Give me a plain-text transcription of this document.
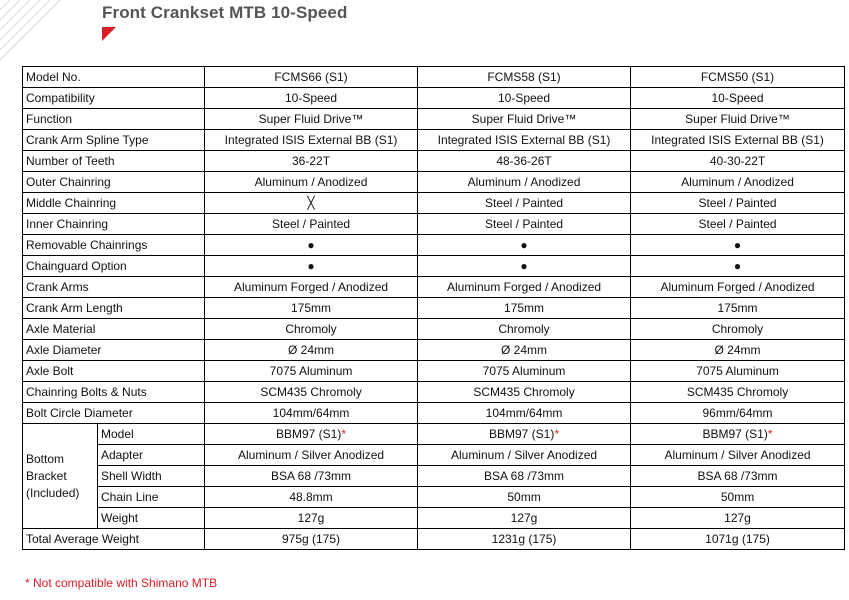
Front Crankset MTB 10-Speed
Model No.		FCMS66 (S1)	FCMS58 (S1)	FCMS50 (S1)
Compatibility		10-Speed	10-Speed	10-Speed
Function		Super Fluid Drive™	Super Fluid Drive™	Super Fluid Drive™
Crank Arm Spline Type		Integrated ISIS External BB (S1)	Integrated ISIS External BB (S1)	Integrated ISIS External BB (S1)
Number of Teeth		36-22T	48-36-26T	40-30-22T
Outer Chainring		Aluminum / Anodized	Aluminum / Anodized	Aluminum / Anodized
Middle Chainring		╳	Steel / Painted	Steel / Painted
Inner Chainring		Steel / Painted	Steel / Painted	Steel / Painted
Removable Chainrings		●	●	●
Chainguard Option		●	●	●
Crank Arms		Aluminum Forged / Anodized	Aluminum Forged / Anodized	Aluminum Forged / Anodized
Crank Arm Length		175mm	175mm	175mm
Axle Material		Chromoly	Chromoly	Chromoly
Axle Diameter		Ø 24mm	Ø 24mm	Ø 24mm
Axle Bolt		7075 Aluminum	7075 Aluminum	7075 Aluminum
Chainring Bolts & Nuts		SCM435 Chromoly	SCM435 Chromoly	SCM435 Chromoly
Bolt Circle Diameter		104mm/64mm	104mm/64mm	96mm/64mm

Bottom
Bracket
(Included)	Model	BBM97 (S1)*	BBM97 (S1)*	BBM97 (S1)*
	Adapter	Aluminum / Silver Anodized	Aluminum / Silver Anodized	Aluminum / Silver Anodized
	Shell Width	BSA 68 /73mm	BSA 68 /73mm	BSA 68 /73mm
	Chain Line	48.8mm	50mm	50mm
	Weight	127g	127g	127g
Total Average Weight		975g (175)	1231g (175)	1071g (175)
* Not compatible with Shimano MTB
